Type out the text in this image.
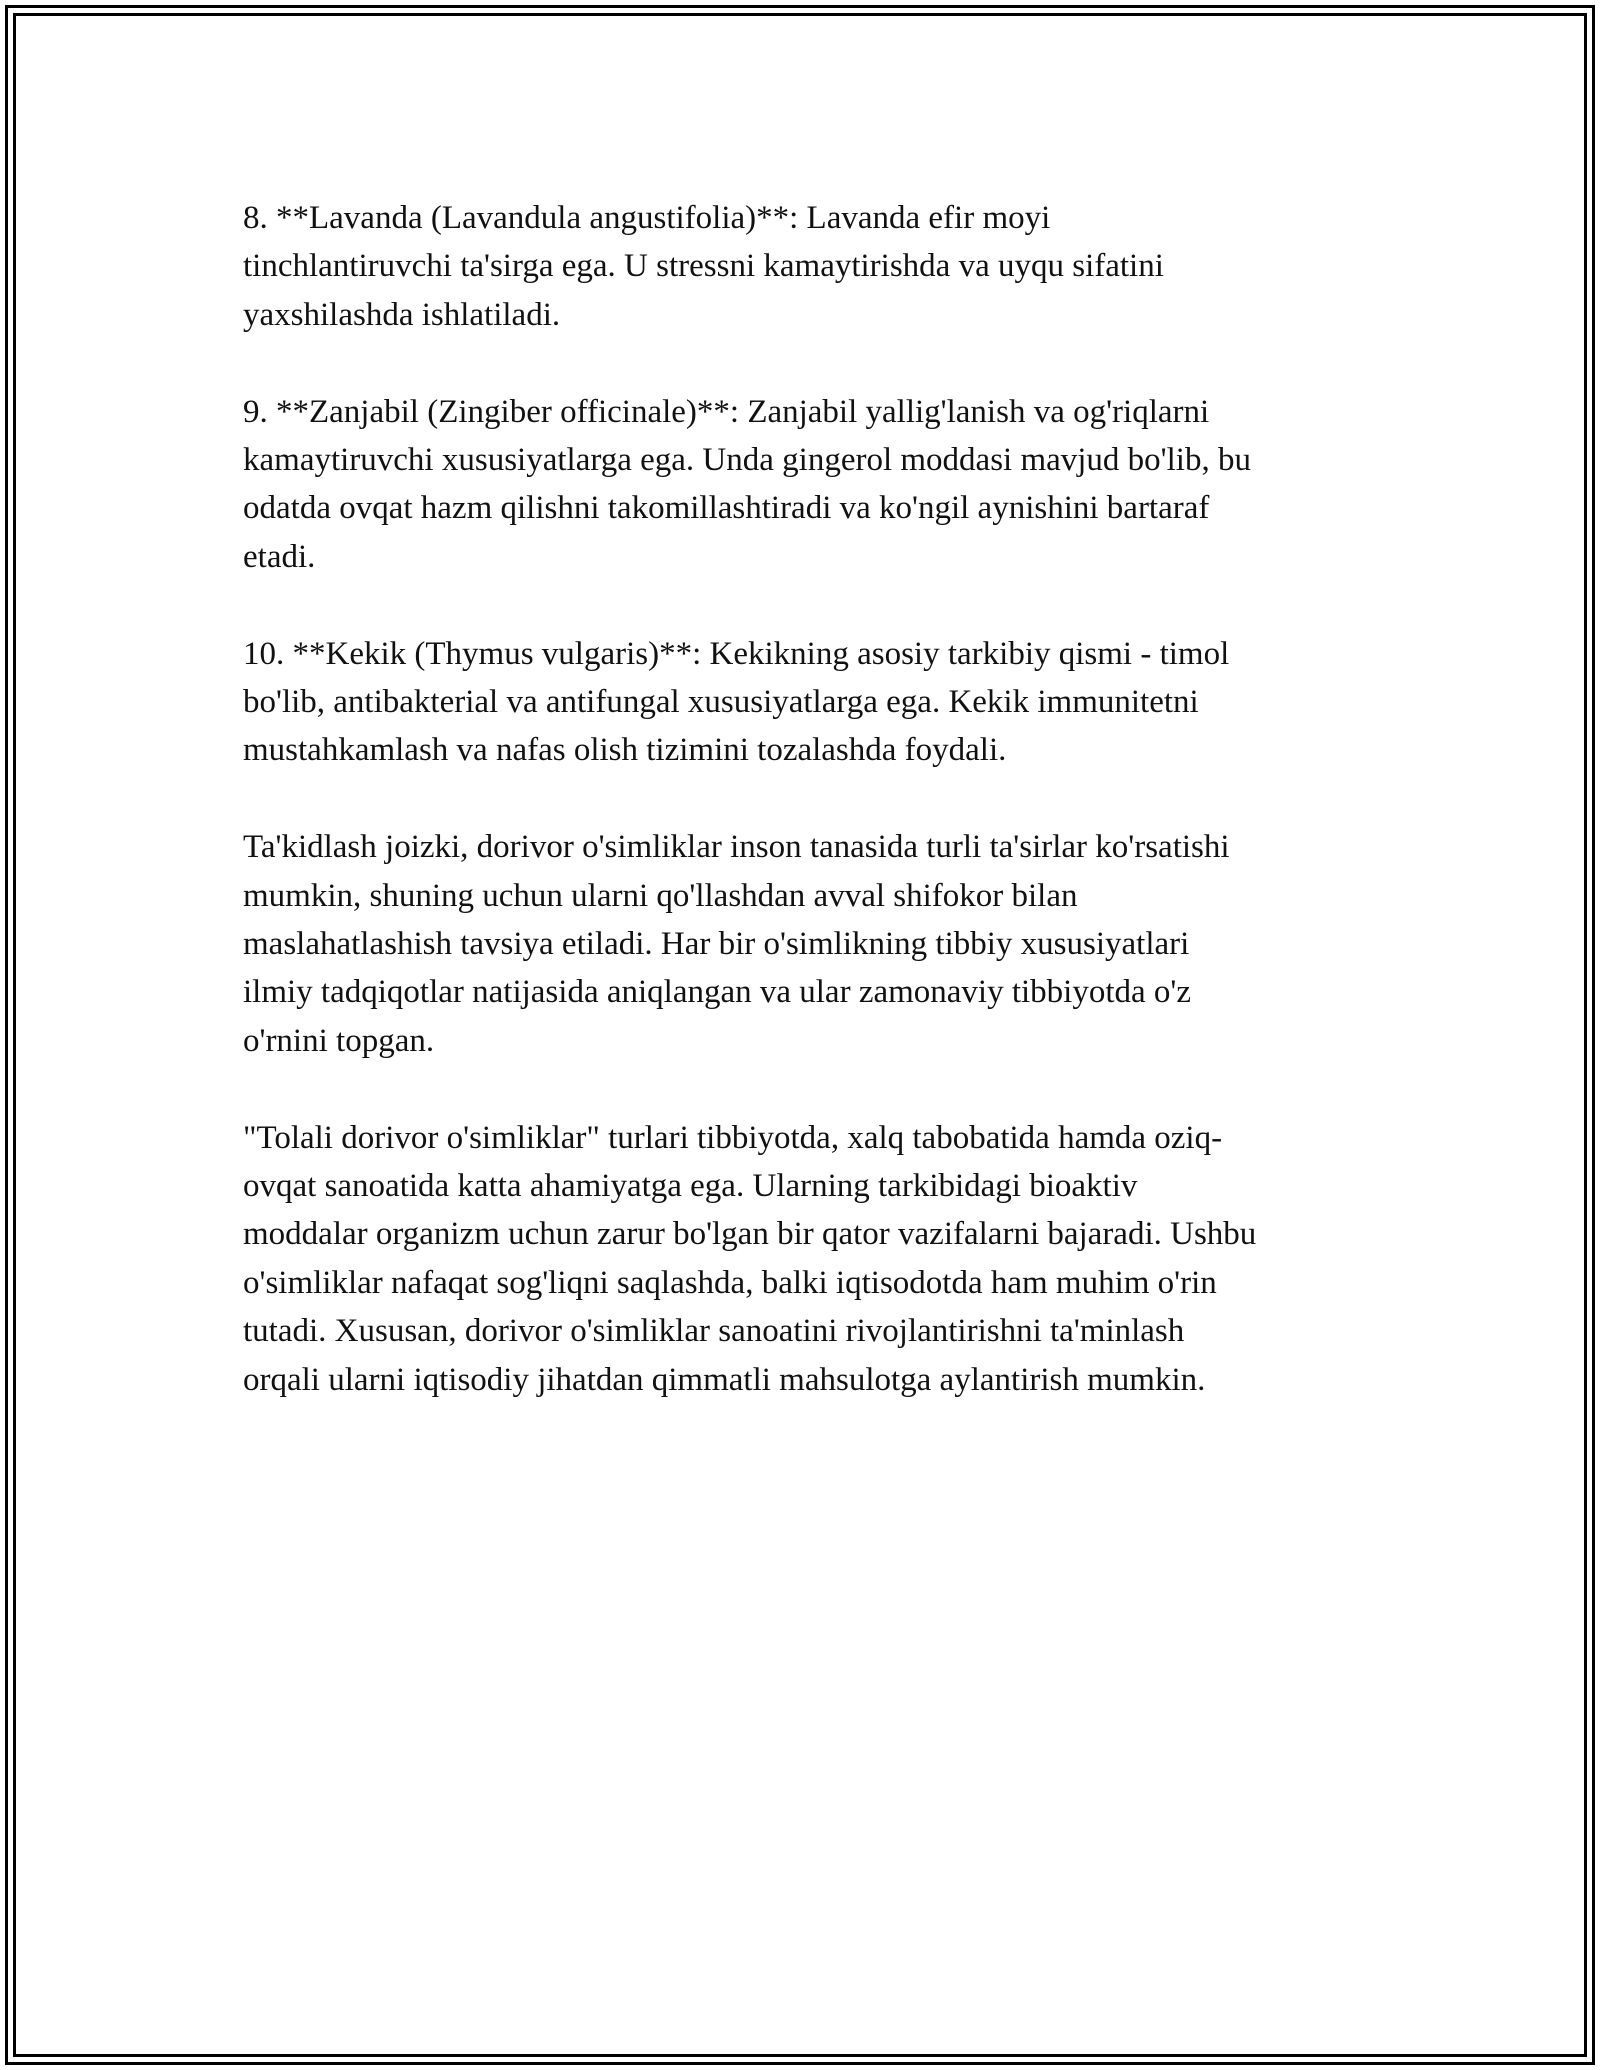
8. **Lavanda (Lavandula angustifolia)**: Lavanda efir moyi
tinchlantiruvchi ta'sirga ega. U stressni kamaytirishda va uyqu sifatini
yaxshilashda ishlatiladi.

9. **Zanjabil (Zingiber officinale)**: Zanjabil yallig'lanish va og'riqlarni
kamaytiruvchi xususiyatlarga ega. Unda gingerol moddasi mavjud bo'lib, bu
odatda ovqat hazm qilishni takomillashtiradi va ko'ngil aynishini bartaraf
etadi.

10. **Kekik (Thymus vulgaris)**: Kekikning asosiy tarkibiy qismi - timol
bo'lib, antibakterial va antifungal xususiyatlarga ega. Kekik immunitetni
mustahkamlash va nafas olish tizimini tozalashda foydali.

Ta'kidlash joizki, dorivor o'simliklar inson tanasida turli ta'sirlar ko'rsatishi
mumkin, shuning uchun ularni qo'llashdan avval shifokor bilan
maslahatlashish tavsiya etiladi. Har bir o'simlikning tibbiy xususiyatlari
ilmiy tadqiqotlar natijasida aniqlangan va ular zamonaviy tibbiyotda o'z
o'rnini topgan.

"Tolali dorivor o'simliklar" turlari tibbiyotda, xalq tabobatida hamda oziq-
ovqat sanoatida katta ahamiyatga ega. Ularning tarkibidagi bioaktiv
moddalar organizm uchun zarur bo'lgan bir qator vazifalarni bajaradi. Ushbu
o'simliklar nafaqat sog'liqni saqlashda, balki iqtisodotda ham muhim o'rin
tutadi. Xususan, dorivor o'simliklar sanoatini rivojlantirishni ta'minlash
orqali ularni iqtisodiy jihatdan qimmatli mahsulotga aylantirish mumkin.
